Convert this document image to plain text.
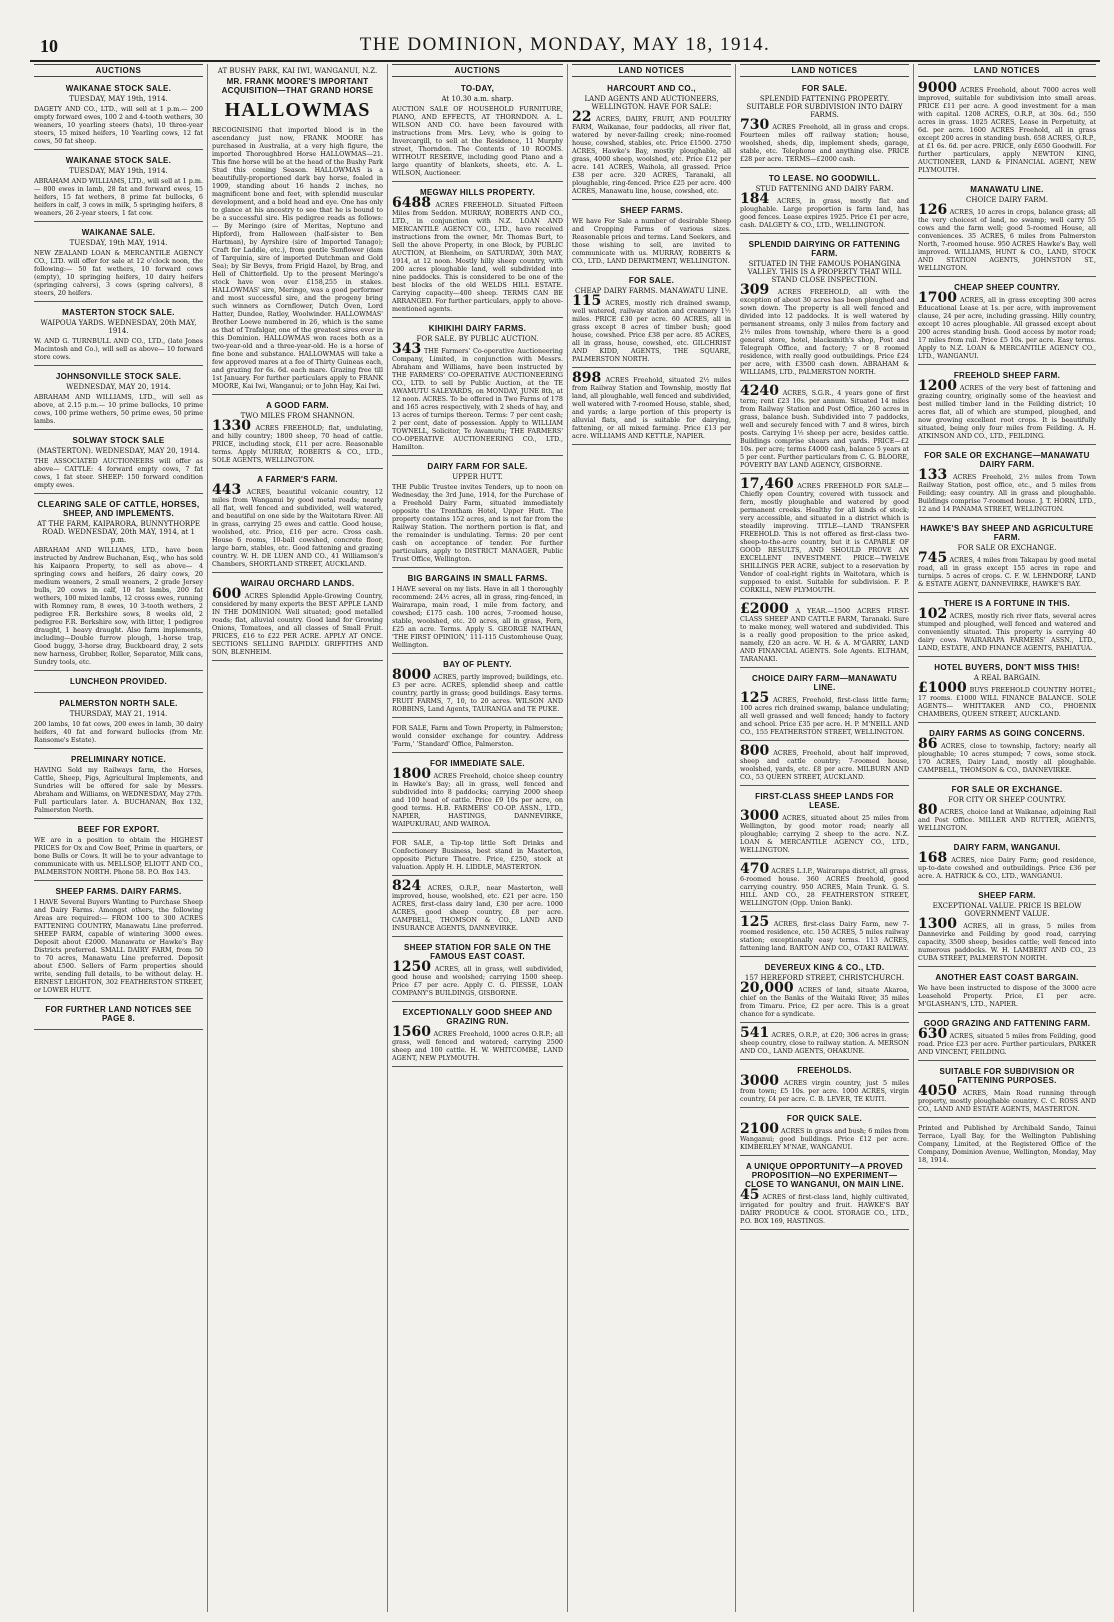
10	THE DOMINION, MONDAY, MAY 18, 1914.
AUCTIONS
WAIKANAE STOCK SALE.
TUESDAY, MAY 19th, 1914.
DAGETY AND CO., LTD., will sell at 1 p.m.— 200 empty forward ewes, 100 2 and 4-tooth wethers, 30 weaners, 10 yearling steers (hats), 10 three-year steers, 15 mixed heifers, 10 Yearling cows, 12 fat cows, 50 fat sheep.
WAIKANAE STOCK SALE.
TUESDAY, MAY 19th, 1914.
ABRAHAM AND WILLIAMS, LTD., will sell at 1 p.m.— 800 ewes in lamb, 28 fat and forward ewes, 15 heifers, 15 fat wethers, 8 prime fat bullocks, 6 heifers in calf, 3 cows in milk, 5 springing heifers, 8 weaners, 26 2-year steers, 1 fat cow.
WAIKANAE SALE.
TUESDAY, 19th MAY, 1914.
NEW ZEALAND LOAN & MERCANTILE AGENCY CO., LTD. will offer for sale at 12 o'clock noon, the following:— 50 fat wethers, 10 forward cows (empty), 10 springing heifers, 10 dairy heifers (springing calvers), 3 cows (spring calvers), 8 steers, 20 heifers.
MASTERTON STOCK SALE.
WAIPOUA YARDS. WEDNESDAY, 20th MAY, 1914.
W. AND G. TURNBULL AND CO., LTD., (late Jones Macintosh and Co.), will sell as above— 10 forward store cows.
JOHNSONVILLE STOCK SALE.
WEDNESDAY, MAY 20, 1914.
ABRAHAM AND WILLIAMS, LTD., will sell as above, at 2.15 p.m.— 10 prime bullocks, 10 prime cows, 100 prime wethers, 50 prime ewes, 50 prime lambs.
SOLWAY STOCK SALE
(MASTERTON). WEDNESDAY, MAY 20, 1914.
THE ASSOCIATED AUCTIONEERS will offer as above— CATTLE: 4 forward empty cows, 7 fat cows, 1 fat steer. SHEEP: 150 forward condition empty ewes.
CLEARING SALE OF CATTLE, HORSES, SHEEP, AND IMPLEMENTS.
AT THE FARM, KAIPARORA, BUNNYTHORPE ROAD. WEDNESDAY, 20th MAY, 1914, at 1 p.m.
ABRAHAM AND WILLIAMS, LTD., have been instructed by Andrew Buchanan, Esq., who has sold his Kaipaora Property, to sell as above— 4 springing cows and heifers, 26 dairy cows, 20 medium weaners, 2 small weaners, 2 grade Jersey bulls, 20 cows in calf, 10 fat lambs, 200 fat wethers, 100 mixed lambs, 12 crosss ewes, running with Romney ram, 8 ewes, 10 3-tooth wethers, 2 pedigree F.R. Berkshire sows, 8 weeks old, 2 pedigree F.R. Berkshire sow, with litter, 1 pedigree draught, 1 heavy draught. Also farm implements, including—Double furrow plough, 1-horse trap, Good buggy, 3-horse dray, Buckboard dray, 2 sets new harness, Grubber, Roller, Separator, Milk cans, Sundry tools, etc.
LUNCHEON PROVIDED.
PALMERSTON NORTH SALE.
THURSDAY, MAY 21, 1914.
200 lambs, 10 fat cows, 200 ewes in lamb, 30 dairy heifers, 40 fat and forward bullocks (from Mr. Ransome's Estate).
PRELIMINARY NOTICE.
HAVING Sold my Railways farm, the Horses, Cattle, Sheep, Pigs, Agricultural Implements, and Sundries will be offered for sale by Messrs. Abraham and Williams, on WEDNESDAY, May 27th. Full particulars later. A. BUCHANAN, Box 132, Palmerston North.
BEEF FOR EXPORT.
WE are in a position to obtain the HIGHEST PRICES for Ox and Cow Beef, Prime in quarters, or bone Bulls or Cows. It will be to your advantage to communicate with us. MELLSOP, ELIOTT AND CO., PALMERSTON NORTH. Phone 58. P.O. Box 143.
SHEEP FARMS. DAIRY FARMS.
I HAVE Several Buyers Wanting to Purchase Sheep and Dairy Farms. Amongst others, the following Areas are required:— FROM 100 to 300 ACRES FATTENING COUNTRY, Manawatu Line preferred. SHEEP FARM, capable of wintering 3000 ewes. Deposit about £2000. Manawatu or Hawke's Bay Districts preferred. SMALL DAIRY FARM, from 50 to 70 acres, Manawatu Line preferred. Deposit about £500. Sellers of Farm properties should write, sending full details, to be without delay. H. ERNEST LEIGHTON, 302 FEATHERSTON STREET, or LOWER HUTT.
FOR FURTHER LAND NOTICES SEE PAGE 8.
AT BUSHY PARK, KAI IWI, WANGANUI, N.Z.
MR. FRANK MOORE'S IMPORTANT ACQUISITION—THAT GRAND HORSE
HALLOWMAS
RECOGNISING that imported blood is in the ascendancy just now, FRANK MOORE has purchased in Australia, at a very high figure, the imported Thoroughbred Horse HALLOWMAS—21. This fine horse will be at the head of the Bushy Park Stud this coming Season. HALLOWMAS is a beautifully-proportioned dark bay horse, foaled in 1909, standing about 16 hands 2 inches, no magnificent bone and feet, with splendid muscular development, and a bold head and eye. One has only to glance at his ancestry to see that he is bound to be a successful sire. His pedigree reads as follows:— By Meringo (sire of Meritas, Neptuno and Hipford), from Halloween (half-sister to Ben Hartman), by Ayrshire (sire of Imported Tanago); Craft for Laddie, etc.), from gentle Sunflower (dam of Tarquinia, sire of imported Dutchman and Gold Sea); by Sir Bevys, from Frigid Hazel, by Brag, and Hell of Chitterfield. Up to the present Meringo's stock have won over £158,255 in stakes. HALLOWMAS' sire, Meringo, was a good performer and most successful sire, and the progeny bring such winners as Cornflower, Dutch Oven, Lord Hatter, Dundee, Ratley, Woolwinder. HALLOWMAS' Brother Loewe numbered in 26, which is the same as that of Trafalgar, one of the greatest sires ever in this Dominion. HALLOWMAS won races both as a two-year-old and a three-year-old. He is a horse of fine bone and substance. HALLOWMAS will take a few approved mares at a fee of Thirty Guineas each, and grazing for 6s. 6d. each mare. Grazing free till 1st January. For further particulars apply to FRANK MOORE, Kai Iwi, Wanganui; or to John Hay, Kai Iwi.
A GOOD FARM.
TWO MILES FROM SHANNON.
1330 ACRES FREEHOLD; flat, undulating, and hilly country; 1800 sheep, 70 head of cattle. PRICE, including stock, £11 per acre. Reasonable terms. Apply MURRAY, ROBERTS & CO., LTD., SOLE AGENTS, WELLINGTON.
A FARMER'S FARM.
443 ACRES, beautiful volcanic country, 12 miles from Wanganui by good metal roads; nearly all flat, well fenced and subdivided, well watered, and beautiful on one side by the Waitotara River. All in grass, carrying 25 ewes and cattle. Good house, woolshed, etc. Price, £16 per acre. Cross cash. House 6 rooms, 10-ball cowshed, concrete floor, large barn, stables, etc. Good fattening and grazing country. W. H. DE LUEN AND CO., 41 Williamson's Chambers, SHORTLAND STREET, AUCKLAND.
WAIRAU ORCHARD LANDS.
600 ACRES Splendid Apple-Growing Country, considered by many experts the BEST APPLE LAND IN THE DOMINION. Well situated; good metalled roads; flat, alluvial country. Good land for Growing Onions, Tomatoes, and all classes of Small Fruit. PRICES, £16 to £22 PER ACRE. APPLY AT ONCE. SECTIONS SELLING RAPIDLY. GRIFFITHS AND SON, BLENHEIM.
AUCTIONS
TO-DAY,
At 10.30 a.m. sharp.
AUCTION SALE OF HOUSEHOLD FURNITURE, PIANO, AND EFFECTS, AT THORNDON. A. L. WILSON AND CO. have been favoured with instructions from Mrs. Levy, who is going to Invercargill, to sell at the Residence, 11 Murphy street, Thorndon. The Contents of 10 ROOMS. WITHOUT RESERVE, including good Piano and a large quantity of blankets, sheets, etc. A. L. WILSON, Auctioneer.
MEGWAY HILLS PROPERTY.
6488 ACRES FREEHOLD. Situated Fifteen Miles from Seddon. MURRAY, ROBERTS AND CO., LTD., in conjunction with N.Z. LOAN AND MERCANTILE AGENCY CO., LTD., have received instructions from the owner, Mr. Thomas Burt, to Sell the above Property, in one Block, by PUBLIC AUCTION, at Blenheim, on SATURDAY, 30th MAY, 1914, at 12 noon. Mostly hilly sheep country, with 200 acres ploughable land, well subdivided into nine paddocks. This is considered to be one of the best blocks of the old WELDS HILL ESTATE. Carrying capacity—400 sheep. TERMS CAN BE ARRANGED. For further particulars, apply to above-mentioned agents.
KIHIKIHI DAIRY FARMS.
FOR SALE. BY PUBLIC AUCTION.
343 THE Farmers' Co-operative Auctioneering Company, Limited, in conjunction with Messrs. Abraham and Williams, have been instructed by THE FARMERS' CO-OPERATIVE AUCTIONEERING CO., LTD. to sell by Public Auction, at the TE AWAMUTU SALEYARDS, on MONDAY, JUNE 8th, at 12 noon. ACRES. To be offered in Two Farms of 178 and 165 acres respectively, with 2 sheds of hay, and 13 acres of turnips thereon. Terms: 7 per cent cash; 2 per cent, date of possession. Apply to WILLIAM TOWNELL, Solicitor, Te Awamutu; THE FARMERS' CO-OPERATIVE AUCTIONEERING CO., LTD., Hamilton.
DAIRY FARM FOR SALE.
UPPER HUTT.
THE Public Trustee invites Tenders, up to noon on Wednesday, the 3rd June, 1914, for the Purchase of a Freehold Dairy Farm, situated immediately opposite the Trentham Hotel, Upper Hutt. The property contains 152 acres, and is not far from the Railway Station. The northern portion is flat, and the remainder is undulating. Terms: 20 per cent cash on acceptance of tender. For further particulars, apply to DISTRICT MANAGER, Public Trust Office, Wellington.
BIG BARGAINS IN SMALL FARMS.
I HAVE several on my lists. Have in all 1 thoroughly recommend: 24½ acres, all in grass, ring-fenced, in Wairarapa, main road, 1 mile from factory, and cowshed; £175 cash. 100 acres, 7-roomed house, stable, woolshed, etc. 20 acres, all in grass, Fern, £25 an acre. Terms. Apply S. GEORGE NATHAN, 'THE FIRST OPINION,' 111-115 Customhouse Quay, Wellington.
BAY OF PLENTY.
8000 ACRES, partly improved; buildings, etc. £3 per acre. ACRES, splendid sheep and cattle country, partly in grass; good buildings. Easy terms. FRUIT FARMS, 7, 10, to 20 acres. WILSON AND ROBBINS, Land Agents, TAURANGA and TE PUKE.
FOR SALE, Farm and Town Property, in Palmerston; would consider exchange for country. Address 'Farm,' 'Standard' Office, Palmerston.
FOR IMMEDIATE SALE.
1800 ACRES Freehold, choice sheep country in Hawke's Bay; all in grass, well fenced and subdivided into 8 paddocks; carrying 2000 sheep and 100 head of cattle. Price £9 10s per acre, on good terms. H.B. FARMERS' CO-OP. ASSN., LTD., NAPIER, HASTINGS, DANNEVIRKE, WAIPUKURAU, AND WAIROA.
FOR SALE, a Tip-top little Soft Drinks and Confectionery Business, best stand in Masterton, opposite Picture Theatre. Price, £250, stock at valuation. Apply H. H. LIDDLE, MASTERTON.
824 ACRES, O.R.P., near Masterton, well improved, house, woolshed, etc. £21 per acre. 150 ACRES, first-class dairy land, £30 per acre. 1000 ACRES, good sheep country, £8 per acre. CAMPBELL, THOMSON & CO., LAND AND INSURANCE AGENTS, DANNEVIRKE.
SHEEP STATION FOR SALE ON THE FAMOUS EAST COAST.
1250 ACRES, all in grass, well subdivided, good house and woolshed; carrying 1500 sheep. Price £7 per acre. Apply C. G. PIESSE, LOAN COMPANY'S BUILDINGS, GISBORNE.
EXCEPTIONALLY GOOD SHEEP AND GRAZING RUN.
1560 ACRES Freehold, 1000 acres O.R.P.; all grass, well fenced and watered; carrying 2500 sheep and 100 cattle. H. W. WHITCOMBE, LAND AGENT, NEW PLYMOUTH.
LAND NOTICES
HARCOURT AND CO.,
LAND AGENTS AND AUCTIONEERS, WELLINGTON. HAVE FOR SALE:
22 ACRES, DAIRY, FRUIT, AND POULTRY FARM, Waikanae, four paddocks, all river flat, watered by never-failing creek; nine-roomed house, cowshed, stables, etc. Price £1500. 2750 ACRES, Hawke's Bay, mostly ploughable, all grass, 4000 sheep, woolshed, etc. Price £12 per acre. 141 ACRES, Waihola, all grassed. Price £38 per acre. 320 ACRES, Taranaki, all ploughable, ring-fenced. Price £25 per acre. 400 ACRES, Manawatu line, house, cowshed, etc.
SHEEP FARMS.
WE have For Sale a number of desirable Sheep and Cropping Farms of various sizes. Reasonable prices and terms. Land Seekers, and those wishing to sell, are invited to communicate with us. MURRAY, ROBERTS & CO., LTD., LAND DEPARTMENT, WELLINGTON.
FOR SALE.
CHEAP DAIRY FARMS. MANAWATU LINE.
115 ACRES, mostly rich drained swamp, well watered, railway station and creamery 1½ miles. PRICE £30 per acre. 60 ACRES, all in grass except 8 acres of timber bush; good house, cowshed. Price £38 per acre. 85 ACRES, all in grass, house, cowshed, etc. GILCHRIST AND KIDD, AGENTS, THE SQUARE, PALMERSTON NORTH.
898 ACRES Freehold, situated 2½ miles from Railway Station and Township, mostly flat land, all ploughable, well fenced and subdivided, well watered with 7-roomed House, stable, shed, and yards; a large portion of this property is alluvial flats, and is suitable for dairying, fattening, or all mixed farming. Price £13 per acre. WILLIAMS AND KETTLE, NAPIER.
LAND NOTICES
FOR SALE.
SPLENDID FATTENING PROPERTY. SUITABLE FOR SUBDIVISION INTO DAIRY FARMS.
730 ACRES Freehold, all in grass and crops. Fourteen miles off railway station; house, woolshed, sheds, dip, implement sheds, garage, stable, etc. Telephone and anything else. PRICE £28 per acre. TERMS—£2000 cash.
TO LEASE. NO GOODWILL.
STUD FATTENING AND DAIRY FARM.
184 ACRES, in grass, mostly flat and ploughable. Large proportion is farm land, has good fences. Lease expires 1925. Price £1 per acre, cash. DALGETY & CO., LTD., WELLINGTON.
SPLENDID DAIRYING OR FATTENING FARM.
SITUATED IN THE FAMOUS POHANGINA VALLEY. THIS IS A PROPERTY THAT WILL STAND CLOSE INSPECTION.
309 ACRES FREEHOLD, all with the exception of about 30 acres has been ploughed and sown down. The property is all well fenced and divided into 12 paddocks. It is well watered by permanent streams, only 3 miles from factory and 2½ miles from township, where there is a good general store, hotel, blacksmith's shop, Post and Telegraph Office, and factory; 7 or 8 roomed residence, with really good outbuildings. Price £24 per acre, with £3500 cash down. ABRAHAM & WILLIAMS, LTD., PALMERSTON NORTH.
4240 ACRES, S.G.R., 4 years gone of first term; rent £23 10s. per annum. Situated 14 miles from Railway Station and Post Office, 260 acres in grass, balance bush. Subdivided into 7 paddocks, well and securely fenced with 7 and 8 wires, birch posts. Carrying 1½ sheep per acre, besides cattle. Buildings comprise shears and yards. PRICE—£2 10s. per acre; terms £4000 cash, balance 5 years at 5 per cent. Further particulars from C. G. BLOORE, POVERTY BAY LAND AGENCY, GISBORNE.
17,460 ACRES FREEHOLD FOR SALE—Chiefly open Country, covered with tussock and fern, mostly ploughable and watered by good permanent creeks. Healthy for all kinds of stock; very accessible, and situated in a district which is steadily improving. TITLE—LAND TRANSFER FREEHOLD. This is not offered as first-class two-sheep-to-the-acre country, but it is CAPABLE OF GOOD RESULTS, AND SHOULD PROVE AN EXCELLENT INVESTMENT. PRICE—TWELVE SHILLINGS PER ACRE, subject to a reservation by Vendor of coal-right rights in Waitotara, which is supposed to exist. Suitable for subdivision. F. P. CORKILL, NEW PLYMOUTH.
£2000 A YEAR.—1500 ACRES FIRST-CLASS SHEEP AND CATTLE FARM, Taranaki. Sure to make money, well watered and subdivided. This is a really good proposition to the price asked, namely, £20 an acre. W. H. & A. M'GARRY, LAND AND FINANCIAL AGENTS. Sole Agents. ELTHAM, TARANAKI.
CHOICE DAIRY FARM—MANAWATU LINE.
125 ACRES, Freehold, first-class little farm; 100 acres rich drained swamp, balance undulating; all well grassed and well fenced; handy to factory and school. Price £35 per acre. H. P. M'NEILL AND CO., 155 FEATHERSTON STREET, WELLINGTON.
800 ACRES, Freehold, about half improved, sheep and cattle country; 7-roomed house, woolshed, yards, etc. £8 per acre. MILBURN AND CO., 53 QUEEN STREET, AUCKLAND.
FIRST-CLASS SHEEP LANDS FOR LEASE.
3000 ACRES, situated about 25 miles from Wellington, by good motor road; nearly all ploughable; carrying 2 sheep to the acre. N.Z. LOAN & MERCANTILE AGENCY CO., LTD., WELLINGTON.
470 ACRES L.I.P., Wairarapa district, all grass, 6-roomed house. 360 ACRES freehold, good carrying country. 950 ACRES, Main Trunk. G. S. HILL AND CO., 28 FEATHERSTON STREET, WELLINGTON (Opp. Union Bank).
125 ACRES, first-class Dairy Farm, new 7-roomed residence, etc. 150 ACRES, 5 miles railway station; exceptionally easy terms. 113 ACRES, fattening land. BARTON AND CO., OTAKI RAILWAY.
DEVEREUX KING & CO., LTD.
157 HEREFORD STREET, CHRISTCHURCH.
20,000 ACRES of land, situate Akaroa, chief on the Banks of the Waitaki River, 35 miles from Timaru. Price, £2 per acre. This is a great chance for a syndicate.
541 ACRES, O.R.P., at £20; 306 acres in grass; sheep country, close to railway station. A. MERSON AND CO., LAND AGENTS, OHAKUNE.
FREEHOLDS.
3000 ACRES virgin country, just 5 miles from town; £5 10s. per acre. 1000 ACRES, virgin country, £4 per acre. C. B. LEVER, TE KUITI.
FOR QUICK SALE.
2100 ACRES in grass and bush; 6 miles from Wanganui; good buildings. Price £12 per acre. KIMBERLEY M'NAE, WANGANUI.
A UNIQUE OPPORTUNITY—A PROVED PROPOSITION—NO EXPERIMENT—CLOSE TO WANGANUI, ON MAIN LINE.
45 ACRES of first-class land, highly cultivated, irrigated for poultry and fruit. HAWKE'S BAY DAIRY PRODUCE & COOL STORAGE CO., LTD., P.O. BOX 169, HASTINGS.
LAND NOTICES
9000 ACRES Freehold, about 7000 acres well improved, suitable for subdivision into small areas. PRICE £11 per acre. A good investment for a man with capital. 1208 ACRES, O.R.P., at 30s. 6d.; 550 acres in grass. 1025 ACRES, Lease in Perpetuity, at 6d. per acre. 1600 ACRES Freehold, all in grass except 200 acres in standing bush. 658 ACRES, O.R.P., at £1 6s. 6d. per acre. PRICE, only £650 Goodwill. For further particulars, apply NEWTON KING, AUCTIONEER, LAND & FINANCIAL AGENT, NEW PLYMOUTH.
MANAWATU LINE.
CHOICE DAIRY FARM.
126 ACRES, 10 acres in crops, balance grass; all the very choicest of land, no swamp; well carry 55 cows and the farm well; good 5-roomed House, all conveniences. 35 ACRES, 6 miles from Palmerston North, 7-roomed house. 950 ACRES Hawke's Bay, well improved. WILLIAMS, HUNT & CO., LAND, STOCK AND STATION AGENTS, JOHNSTON ST., WELLINGTON.
CHEAP SHEEP COUNTRY.
1700 ACRES, all in grass excepting 300 acres Educational Lease at 1s. per acre, with improvement clause, 24 per acre, including grassing. Hilly country, except 10 acres ploughable. All grassed except about 200 acres standing bush. Good access by motor road; 17 miles from rail. Price £5 10s. per acre. Easy terms. Apply to N.Z. LOAN & MERCANTILE AGENCY CO., LTD., WANGANUI.
FREEHOLD SHEEP FARM.
1200 ACRES of the very best of fattening and grazing country, originally some of the heaviest and best milled timber land in the Feilding district; 10 acres flat, all of which are stumped, ploughed, and now growing excellent root crops. It is beautifully situated, being only four miles from Feilding. A. H. ATKINSON AND CO., LTD., FEILDING.
FOR SALE OR EXCHANGE—MANAWATU DAIRY FARM.
133 ACRES Freehold, 2½ miles from Town Railway Station, post office, etc., and 5 miles from Feilding; easy country. All in grass and ploughable. Buildings comprise 7-roomed house. J. T. HORN, LTD., 12 and 14 PANAMA STREET, WELLINGTON.
HAWKE'S BAY SHEEP AND AGRICULTURE FARM.
FOR SALE OR EXCHANGE.
745 ACRES, 4 miles from Takapau by good metal road, all in grass except 155 acres in rape and turnips. 5 acres of crops. C. F. W. LEHNDORF, LAND & ESTATE AGENT, DANNEVIRKE, HAWKE'S BAY.
THERE IS A FORTUNE IN THIS.
102 ACRES, mostly rich river flats, several acres stumped and ploughed, well fenced and watered and conveniently situated. This property is carrying 40 dairy cows. WAIRARAPA FARMERS' ASSN., LTD., LAND, ESTATE, AND FINANCE AGENTS, PAHIATUA.
HOTEL BUYERS, DON'T MISS THIS!
A REAL BARGAIN.
£1000 BUYS FREEHOLD COUNTRY HOTEL; 17 rooms. £1000 WILL FINANCE BALANCE. SOLE AGENTS— WHITTAKER AND CO., PHOENIX CHAMBERS, QUEEN STREET, AUCKLAND.
DAIRY FARMS AS GOING CONCERNS.
86 ACRES, close to township, factory; nearly all ploughable; 10 acres stumped; 7 cows, some stock. 170 ACRES, Dairy Land, mostly all ploughable. CAMPBELL, THOMSON & CO., DANNEVIRKE.
FOR SALE OR EXCHANGE.
FOR CITY OR SHEEP COUNTRY.
80 ACRES, choice land at Waikanae, adjoining Rail and Post Office. MILLER AND RUTTER, AGENTS, WELLINGTON.
DAIRY FARM, WANGANUI.
168 ACRES, nice Dairy Farm; good residence, up-to-date cowshed and outbuildings. Price £36 per acre. A. HATRICK & CO., LTD., WANGANUI.
SHEEP FARM.
EXCEPTIONAL VALUE. PRICE IS BELOW GOVERNMENT VALUE.
1300 ACRES, all in grass, 5 miles from Dannevirke and Feilding by good road, carrying capacity, 3500 sheep, besides cattle; well fenced into numerous paddocks. W. H. LAMBERT AND CO., 23 CUBA STREET, PALMERSTON NORTH.
ANOTHER EAST COAST BARGAIN.
We have been instructed to dispose of the 3000 acre Leasehold Property. Price, £1 per acre. M'GLASHAN'S, LTD., NAPIER.
GOOD GRAZING AND FATTENING FARM.
630 ACRES, situated 5 miles from Feilding, good road. Price £23 per acre. Further particulars, PARKER AND VINCENT, FEILDING.
SUITABLE FOR SUBDIVISION OR FATTENING PURPOSES.
4050 ACRES, Main Road running through property, mostly ploughable country. C. C. ROSS AND CO., LAND AND ESTATE AGENTS, MASTERTON.
Printed and Published by Archibald Sando, Tainui Terrace, Lyall Bay, for the Wellington Publishing Company, Limited, at the Registered Office of the Company, Dominion Avenue, Wellington, Monday, May 18, 1914.
